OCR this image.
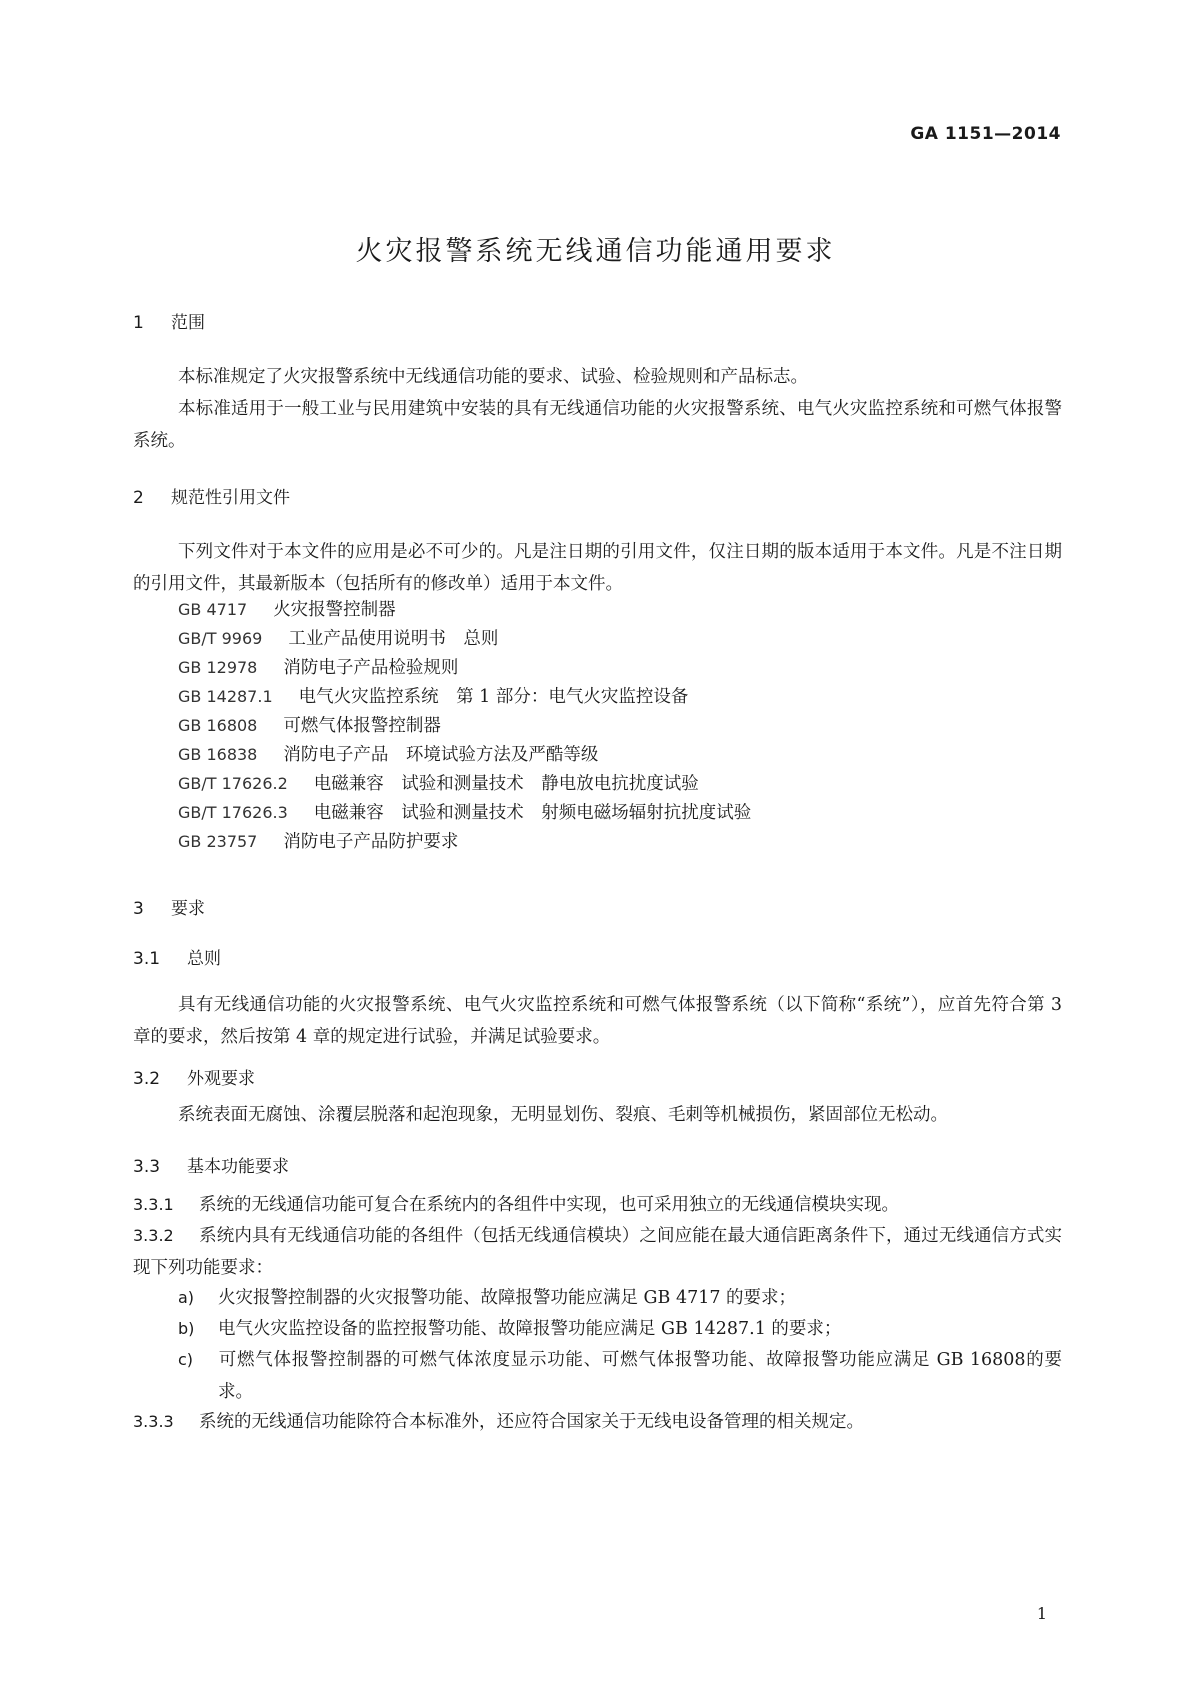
GA 1151—2014
火灾报警系统无线通信功能通用要求
1 范围
本标准规定了火灾报警系统中无线通信功能的要求、试验、检验规则和产品标志。
本标准适用于一般工业与民用建筑中安装的具有无线通信功能的火灾报警系统、电气火灾监控系统和可燃气体报警系统。
2 规范性引用文件
下列文件对于本文件的应用是必不可少的。凡是注日期的引用文件，仅注日期的版本适用于本文件。凡是不注日期的引用文件，其最新版本（包括所有的修改单）适用于本文件。
GB 4717 火灾报警控制器
GB/T 9969 工业产品使用说明书　总则
GB 12978 消防电子产品检验规则
GB 14287.1 电气火灾监控系统　第 1 部分：电气火灾监控设备
GB 16808 可燃气体报警控制器
GB 16838 消防电子产品　环境试验方法及严酷等级
GB/T 17626.2 电磁兼容　试验和测量技术　静电放电抗扰度试验
GB/T 17626.3 电磁兼容　试验和测量技术　射频电磁场辐射抗扰度试验
GB 23757 消防电子产品防护要求
3 要求
3.1 总则
具有无线通信功能的火灾报警系统、电气火灾监控系统和可燃气体报警系统（以下简称“系统”），应首先符合第 3 章的要求，然后按第 4 章的规定进行试验，并满足试验要求。
3.2 外观要求
系统表面无腐蚀、涂覆层脱落和起泡现象，无明显划伤、裂痕、毛刺等机械损伤，紧固部位无松动。
3.3 基本功能要求
3.3.1 系统的无线通信功能可复合在系统内的各组件中实现，也可采用独立的无线通信模块实现。
3.3.2 系统内具有无线通信功能的各组件（包括无线通信模块）之间应能在最大通信距离条件下，通过无线通信方式实现下列功能要求：
a) 火灾报警控制器的火灾报警功能、故障报警功能应满足 GB 4717 的要求；
b) 电气火灾监控设备的监控报警功能、故障报警功能应满足 GB 14287.1 的要求；
c) 可燃气体报警控制器的可燃气体浓度显示功能、可燃气体报警功能、故障报警功能应满足 GB 16808的要求。
3.3.3 系统的无线通信功能除符合本标准外，还应符合国家关于无线电设备管理的相关规定。
1
